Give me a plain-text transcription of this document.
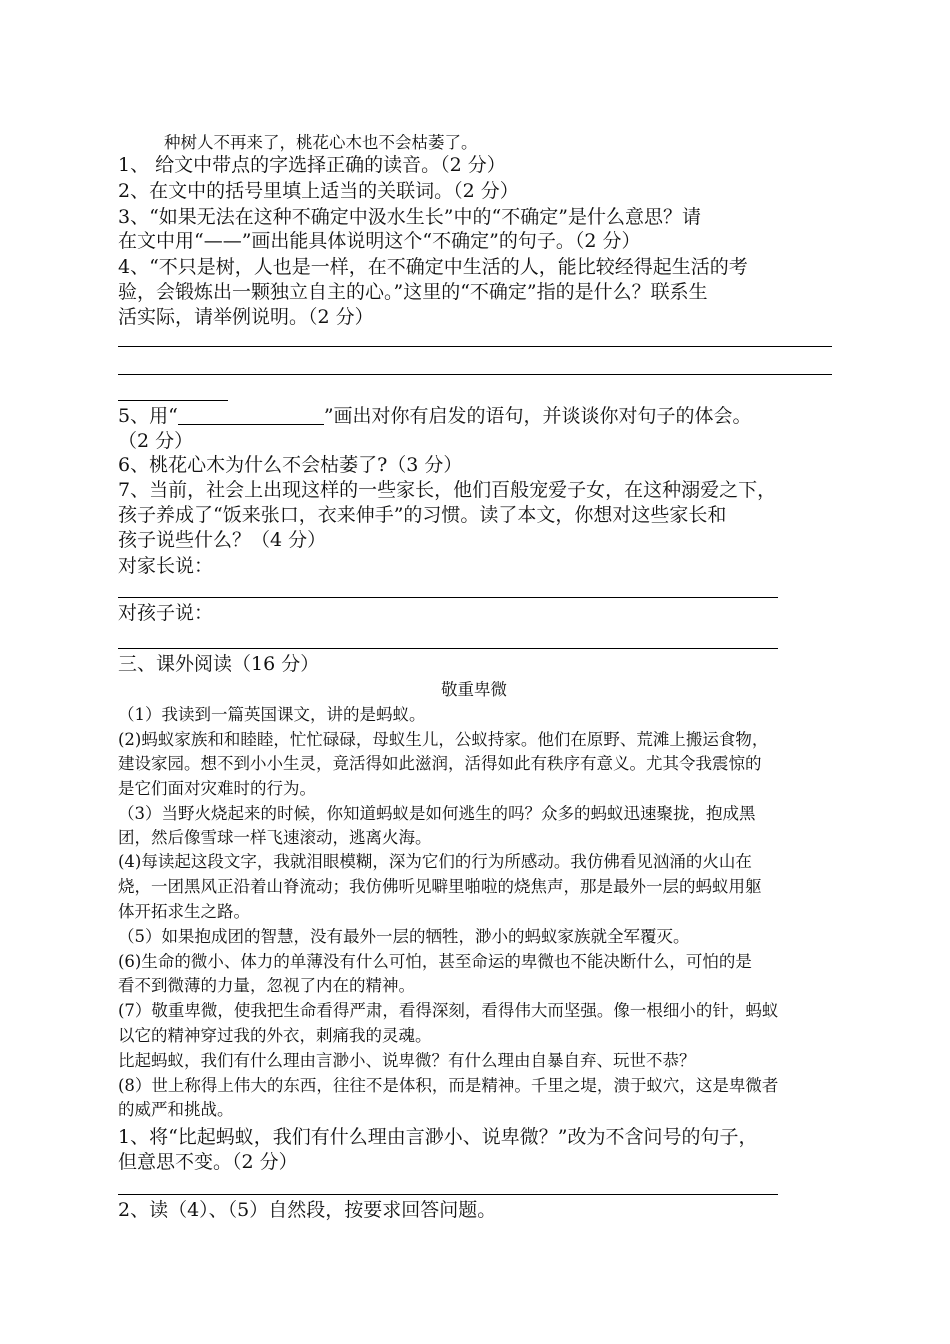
种树人不再来了，桃花心木也不会枯萎了。
1、 给文中带点的字选择正确的读音。（2 分）
2、在文中的括号里填上适当的关联词。（2 分）
3、“如果无法在这种不确定中汲水生长”中的“不确定”是什么意思？请
在文中用“——”画出能具体说明这个“不确定”的句子。（2 分）
4、“不只是树，人也是一样，在不确定中生活的人，能比较经得起生活的考
验，会锻炼出一颗独立自主的心。”这里的“不确定”指的是什么？联系生
活实际，请举例说明。（2 分）
5、用“	”画出对你有启发的语句，并谈谈你对句子的体会。
（2 分）
6、桃花心木为什么不会枯萎了?（3 分）
7、当前，社会上出现这样的一些家长，他们百般宠爱子女，在这种溺爱之下，
孩子养成了“饭来张口，衣来伸手”的习惯。读了本文，你想对这些家长和
孩子说些什么？（4 分）
对家长说：
对孩子说：
三、课外阅读（16 分）
敬重卑微
（1）我读到一篇英国课文，讲的是蚂蚁。
(2)蚂蚁家族和和睦睦，忙忙碌碌，母蚁生儿，公蚁持家。他们在原野、荒滩上搬运食物，
建设家园。想不到小小生灵，竟活得如此滋润，活得如此有秩序有意义。尤其令我震惊的
是它们面对灾难时的行为。
（3）当野火烧起来的时候，你知道蚂蚁是如何逃生的吗？众多的蚂蚁迅速聚拢，抱成黑
团，然后像雪球一样飞速滚动，逃离火海。
(4)每读起这段文字，我就泪眼模糊，深为它们的行为所感动。我仿佛看见汹涌的火山在
烧，一团黑风正沿着山脊流动；我仿佛听见噼里啪啦的烧焦声，那是最外一层的蚂蚁用躯
体开拓求生之路。
（5）如果抱成团的智慧，没有最外一层的牺牲，渺小的蚂蚁家族就全军覆灭。
(6)生命的微小、体力的单薄没有什么可怕，甚至命运的卑微也不能决断什么，可怕的是
看不到微薄的力量，忽视了内在的精神。
(7）敬重卑微，使我把生命看得严肃，看得深刻，看得伟大而坚强。像一根细小的针，蚂蚁
以它的精神穿过我的外衣，刺痛我的灵魂。
比起蚂蚁，我们有什么理由言渺小、说卑微？有什么理由自暴自弃、玩世不恭？
(8）世上称得上伟大的东西，往往不是体积，而是精神。千里之堤，溃于蚁穴，这是卑微者
的威严和挑战。
1、将“比起蚂蚁，我们有什么理由言渺小、说卑微？”改为不含问号的句子，
但意思不变。（2 分）
2、读（4）、（5）自然段，按要求回答问题。
